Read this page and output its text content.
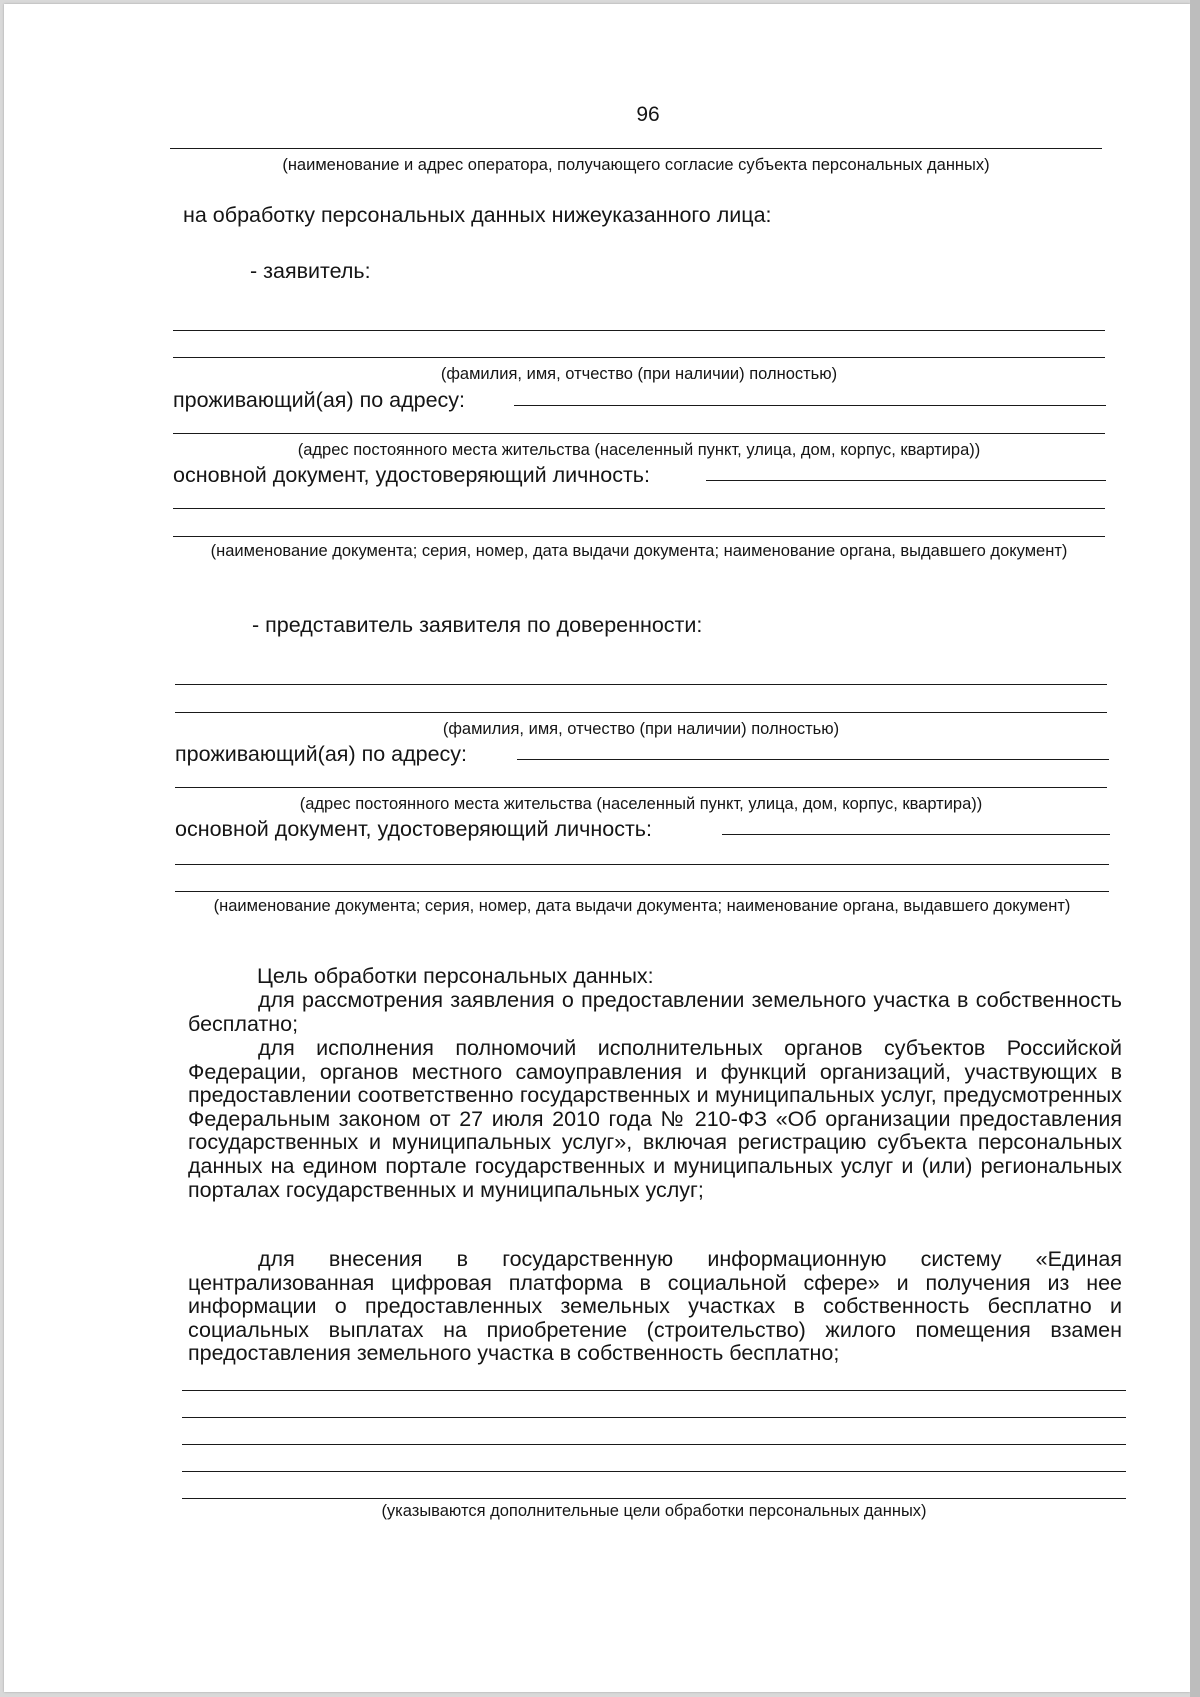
96
(наименование и адрес оператора, получающего согласие субъекта персональных данных)
на обработку персональных данных нижеуказанного лица:
- заявитель:
(фамилия, имя, отчество (при наличии) полностью)
проживающий(ая) по адресу:
(адрес постоянного места жительства (населенный пункт, улица, дом, корпус, квартира))
основной документ, удостоверяющий личность:
(наименование документа; серия, номер, дата выдачи документа; наименование органа, выдавшего документ)
- представитель заявителя по доверенности:
(фамилия, имя, отчество (при наличии) полностью)
проживающий(ая) по адресу:
(адрес постоянного места жительства (населенный пункт, улица, дом, корпус, квартира))
основной документ, удостоверяющий личность:
(наименование документа; серия, номер, дата выдачи документа; наименование органа, выдавшего документ)
Цель обработки персональных данных:

для рассмотрения заявления о предоставлении земельного участка в собственность бесплатно;

для исполнения полномочий исполнительных органов субъектов Российской Федерации, органов местного самоуправления и функций организаций, участвующих в предоставлении соответственно государственных и муниципальных услуг, предусмотренных Федеральным законом от 27 июля 2010 года № 210-ФЗ «Об организации предоставления государственных и муниципальных услуг», включая регистрацию субъекта персональных данных на едином портале государственных и муниципальных услуг и (или) региональных порталах государственных и муниципальных услуг;

для внесения в государственную информационную систему «Единая централизованная цифровая платформа в социальной сфере» и получения из нее информации о предоставленных земельных участках в собственность бесплатно и социальных выплатах на приобретение (строительство) жилого помещения взамен предоставления земельного участка в собственность бесплатно;

(указываются дополнительные цели обработки персональных данных)
